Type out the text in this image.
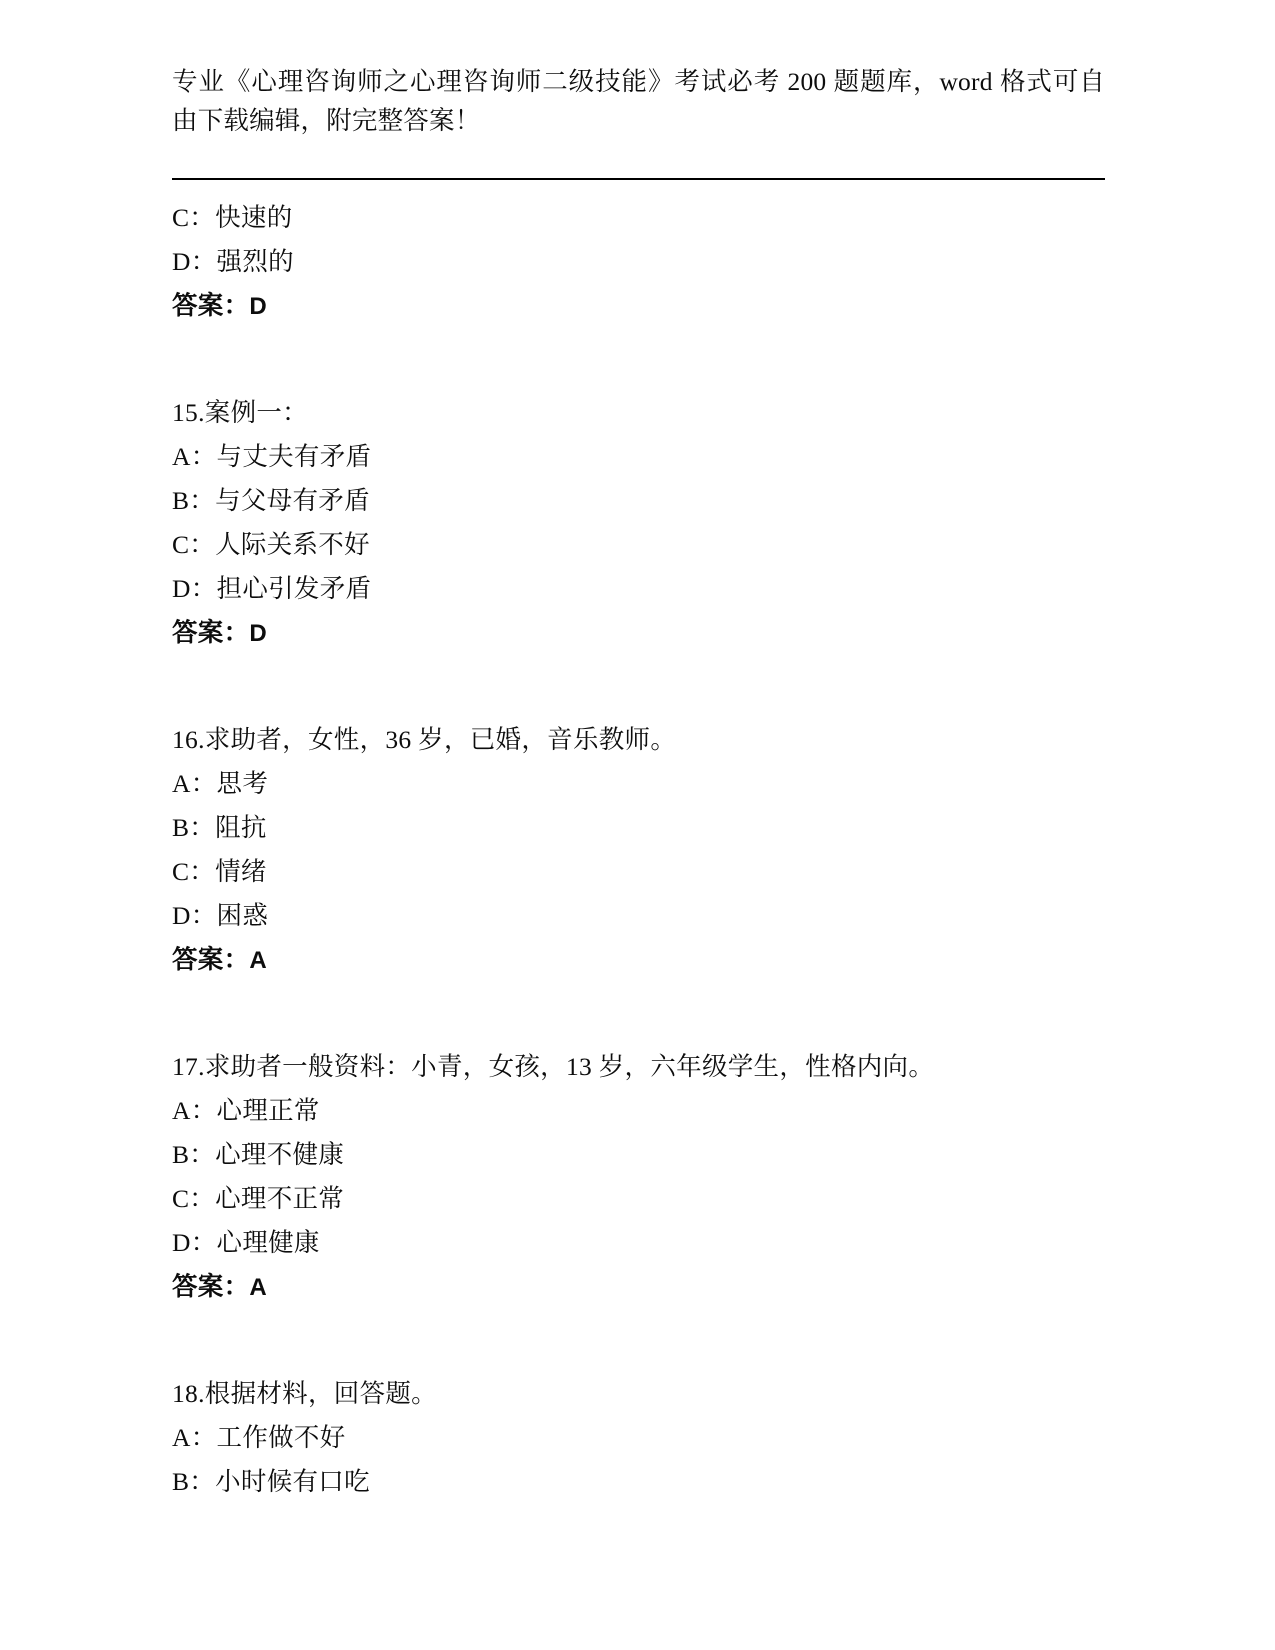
专业《心理咨询师之心理咨询师二级技能》考试必考 200 题题库，word 格式可自由下载编辑，附完整答案！
C：快速的
D：强烈的
答案：D
15.案例一：
A：与丈夫有矛盾
B：与父母有矛盾
C：人际关系不好
D：担心引发矛盾
答案：D
16.求助者，女性，36 岁，已婚，音乐教师。
A：思考
B：阻抗
C：情绪
D：困惑
答案：A
17.求助者一般资料：小青，女孩，13 岁，六年级学生，性格内向。
A：心理正常
B：心理不健康
C：心理不正常
D：心理健康
答案：A
18.根据材料，回答题。
A：工作做不好
B：小时候有口吃
